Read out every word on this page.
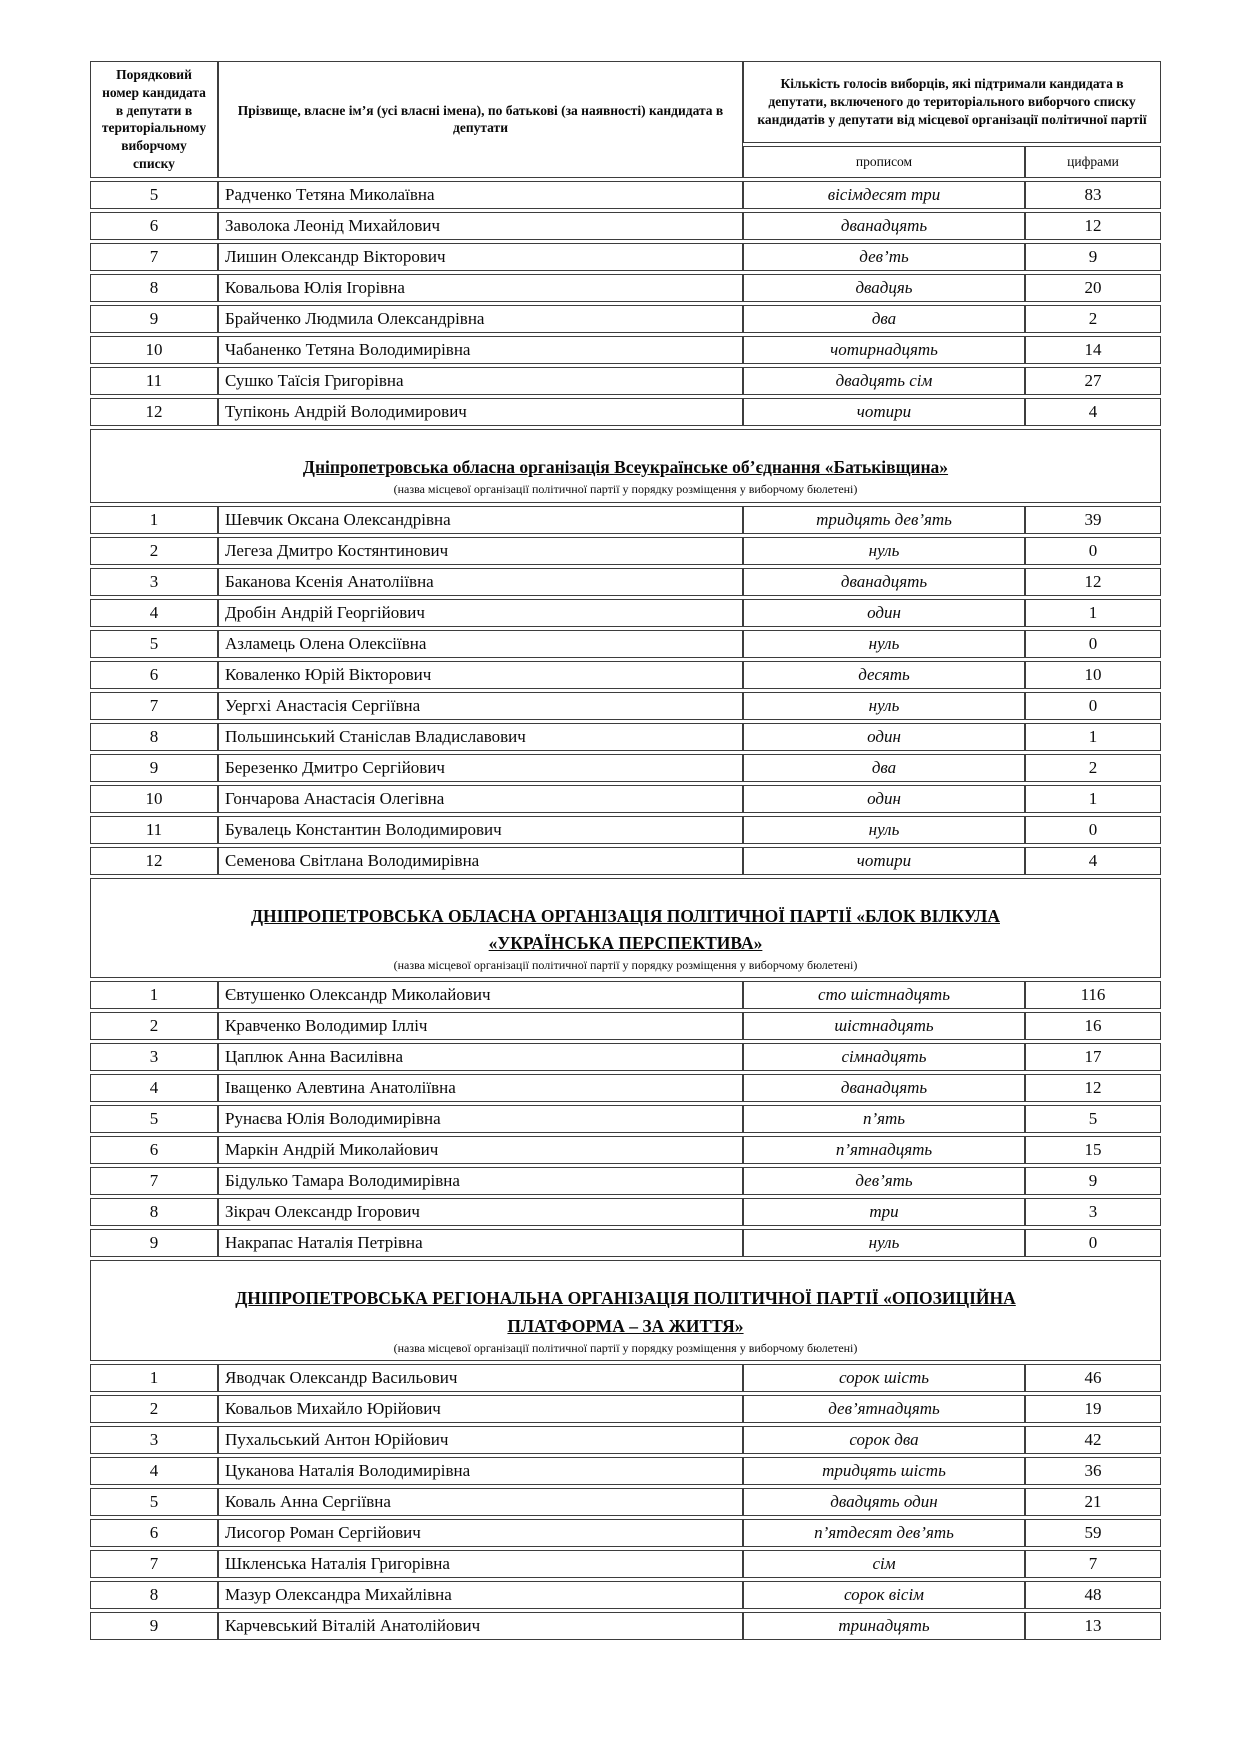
Порядковий номер кандидата в депутати в територіальному виборчому списку	Прізвище, власне ім’я (усі власні імена), по батькові (за наявності) кандидата в депутати	Кількість голосів виборців, які підтримали кандидата в депутати, включеного до територіального виборчого списку кандидатів у депутати від місцевої організації політичної партії	
		прописом	цифрами
5	Радченко Тетяна Миколаївна	вісімдесят три	83
6	Заволока Леонід Михайлович	дванадцять	12
7	Лишин Олександр Вікторович	дев’ть	9
8	Ковальова Юлія Ігорівна	двадцяь	20
9	Брайченко Людмила Олександрівна	два	2
10	Чабаненко Тетяна Володимирівна	чотирнадцять	14
11	Сушко Таїсія Григорівна	двадцять сім	27
12	Тупіконь Андрій Володимирович	чотири	4

Дніпропетровська обласна організація Всеукраїнське об’єднання «Батьківщина»
(назва місцевої організації політичної партії у порядку розміщення у виборчому бюлетені)			

1	Шевчик Оксана Олександрівна	тридцять дев’ять	39
2	Легеза Дмитро Костянтинович	нуль	0
3	Баканова Ксенія Анатоліївна	дванадцять	12
4	Дробін Андрій Георгійович	один	1
5	Азламець Олена Олексіївна	нуль	0
6	Коваленко Юрій Вікторович	десять	10
7	Уергхі Анастасія Сергіївна	нуль	0
8	Польшинський Станіслав Владиславович	один	1
9	Березенко Дмитро Сергійович	два	2
10	Гончарова Анастасія Олегівна	один	1
11	Бувалець Константин Володимирович	нуль	0
12	Семенова Світлана Володимирівна	чотири	4

ДНІПРОПЕТРОВСЬКА ОБЛАСНА ОРГАНІЗАЦІЯ ПОЛІТИЧНОЇ ПАРТІЇ «БЛОК ВІЛКУЛА «УКРАЇНСЬКА ПЕРСПЕКТИВА»
(назва місцевої організації політичної партії у порядку розміщення у виборчому бюлетені)			

1	Євтушенко Олександр Миколайович	сто шістнадцять	116
2	Кравченко Володимир Ілліч	шістнадцять	16
3	Цаплюк Анна Василівна	сімнадцять	17
4	Іващенко Алевтина Анатоліївна	дванадцять	12
5	Рунаєва Юлія Володимирівна	п’ять	5
6	Маркін Андрій Миколайович	п’ятнадцять	15
7	Бідулько Тамара Володимирівна	дев’ять	9
8	Зікрач Олександр Ігорович	три	3
9	Накрапас Наталія Петрівна	нуль	0

ДНІПРОПЕТРОВСЬКА РЕГІОНАЛЬНА ОРГАНІЗАЦІЯ ПОЛІТИЧНОЇ ПАРТІЇ «ОПОЗИЦІЙНА ПЛАТФОРМА – ЗА ЖИТТЯ»
(назва місцевої організації політичної партії у порядку розміщення у виборчому бюлетені)			

1	Яводчак Олександр Васильович	сорок шість	46
2	Ковальов Михайло Юрійович	дев’ятнадцять	19
3	Пухальський Антон Юрійович	сорок два	42
4	Цуканова Наталія Володимирівна	тридцять шість	36
5	Коваль Анна Сергіївна	двадцять один	21
6	Лисогор Роман Сергійович	п’ятдесят дев’ять	59
7	Шкленська Наталія Григорівна	сім	7
8	Мазур Олександра Михайлівна	сорок вісім	48
9	Карчевський Віталій Анатолійович	тринадцять	13
